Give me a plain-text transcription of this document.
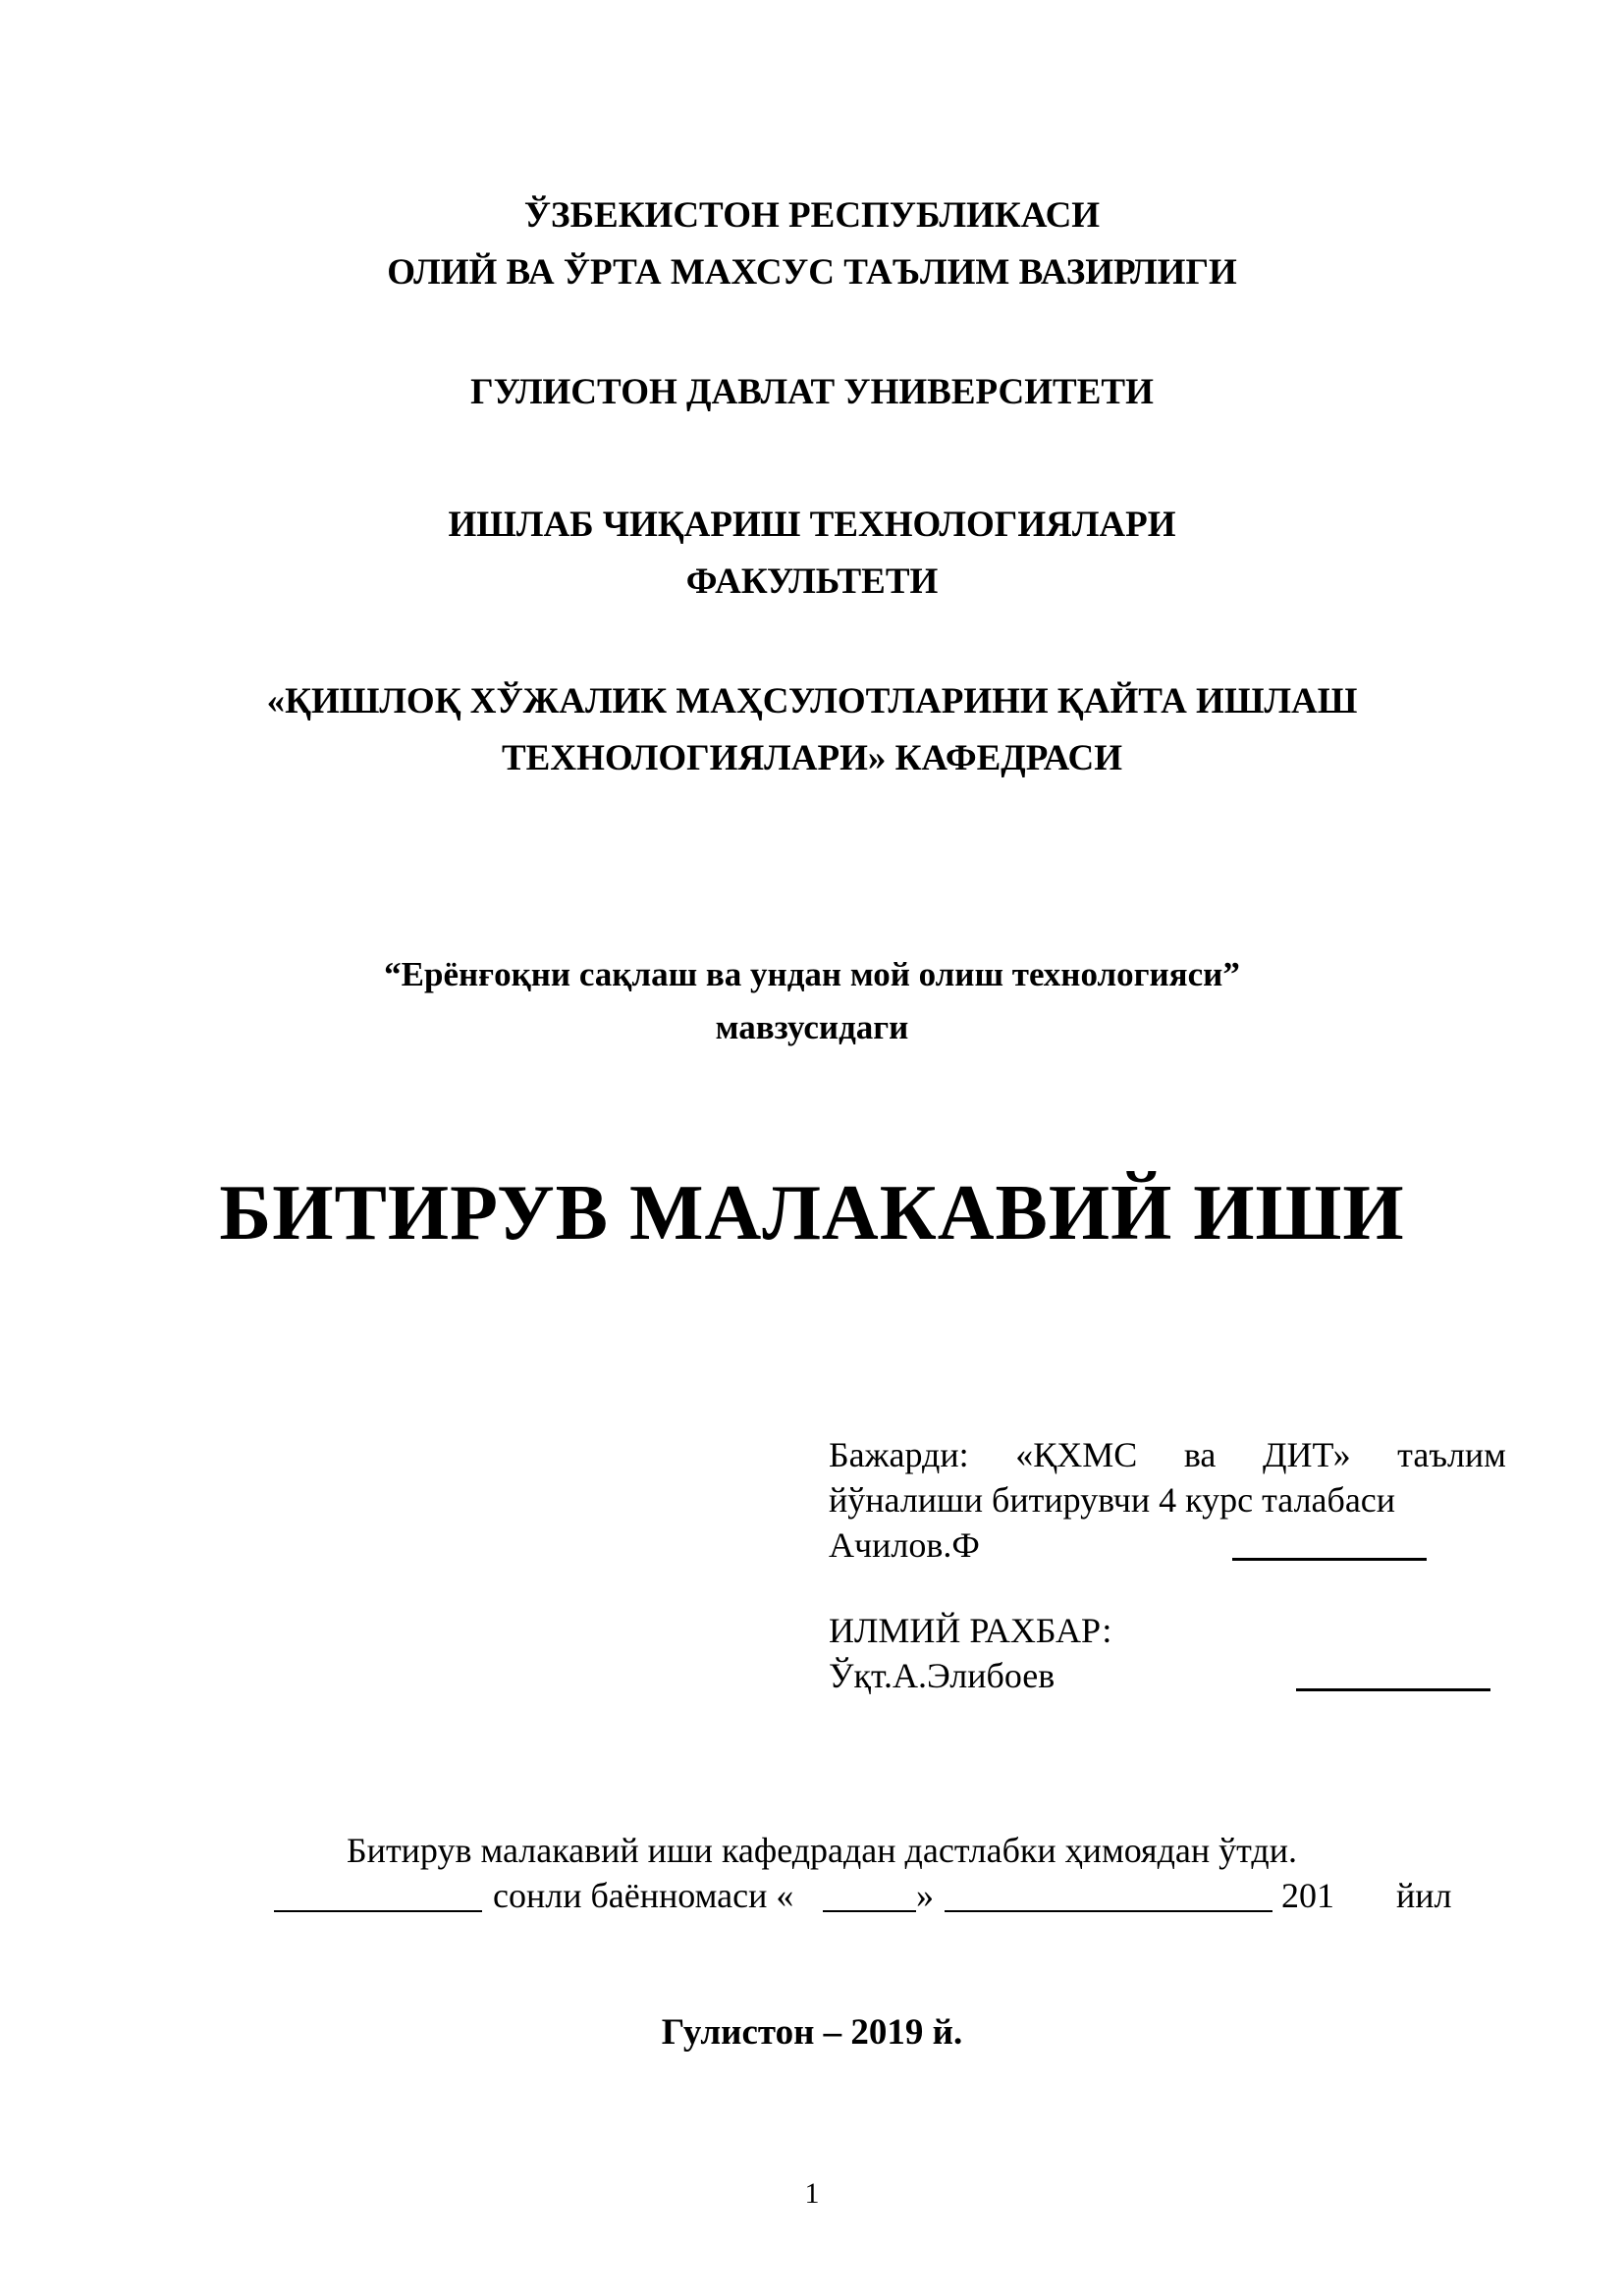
ЎЗБЕКИСТОН РЕСПУБЛИКАСИ
ОЛИЙ ВА ЎРТА МАХСУС ТАЪЛИМ ВАЗИРЛИГИ
ГУЛИСТОН ДАВЛАТ УНИВЕРСИТЕТИ
ИШЛАБ ЧИҚАРИШ ТЕХНОЛОГИЯЛАРИ
ФАКУЛЬТЕТИ
«ҚИШЛОҚ ХЎЖАЛИК МАҲСУЛОТЛАРИНИ ҚАЙТА ИШЛАШ
ТЕХНОЛОГИЯЛАРИ» КАФЕДРАСИ
“Ерёнғоқни сақлаш ва ундан мой олиш технологияси”
мавзусидаги
БИТИРУВ МАЛАКАВИЙ ИШИ
Бажарди: «ҚХМС ва ДИТ» таълим
йўналиши битирувчи 4 курс талабаси
Ачилов.Ф
ИЛМИЙ РАХБАР:
Ўқт.А.Элибоев
Битирув малакавий иши кафедрадан дастлабки ҳимоядан ўтди.
сонли баённомаси «	»	201 йил
Гулистон – 2019 й.
1
